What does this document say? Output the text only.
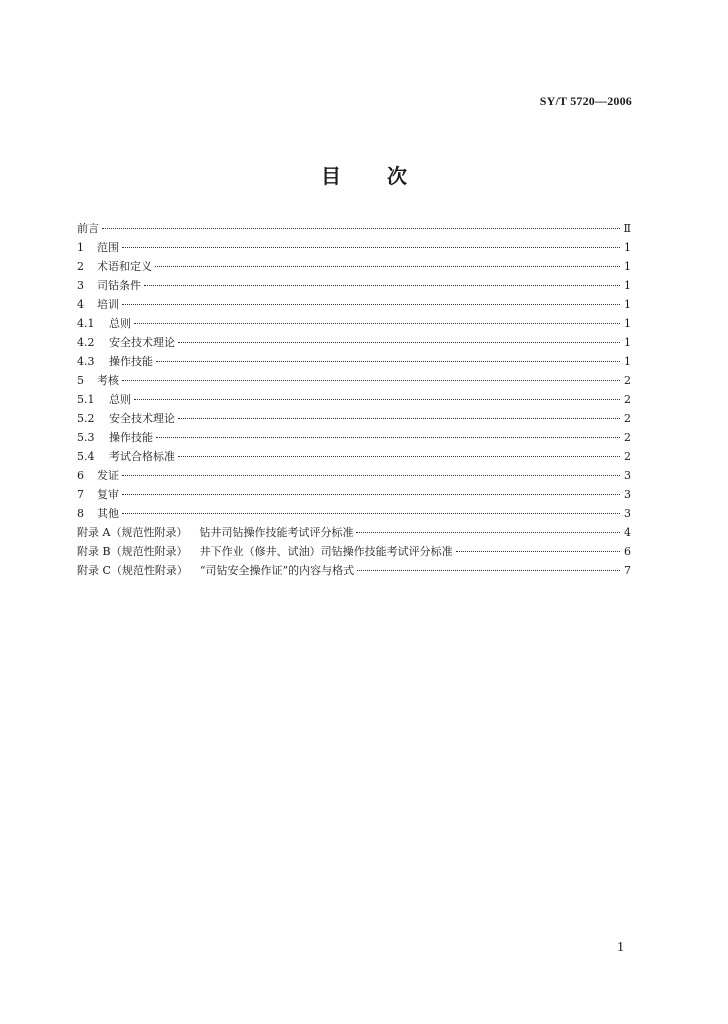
SY/T 5720—2006
目 次
前言	Ⅱ
1	范围	1
2	术语和定义	1
3	司钻条件	1
4	培训	1
4.1	总则	1
4.2	安全技术理论	1
4.3	操作技能	1
5	考核	2
5.1	总则	2
5.2	安全技术理论	2
5.3	操作技能	2
5.4	考试合格标准	2
6	发证	3
7	复审	3
8	其他	3
附录 A（规范性附录） 钻井司钻操作技能考试评分标准	4
附录 B（规范性附录） 井下作业（修井、试油）司钻操作技能考试评分标准	6
附录 C（规范性附录） “司钻安全操作证”的内容与格式	7
1
